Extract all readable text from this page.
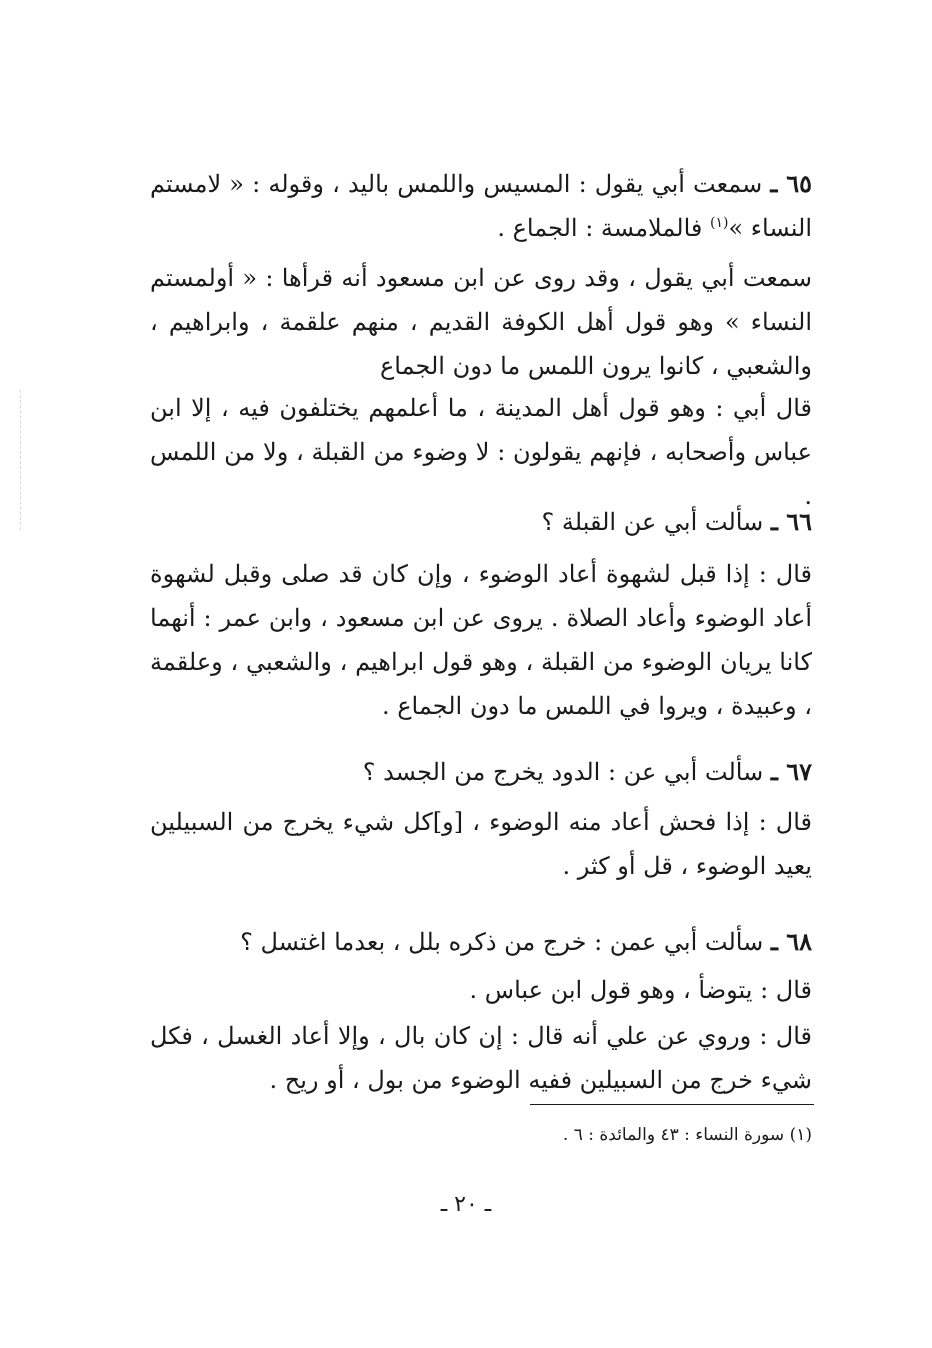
٦٥ ـ سمعت أبي يقول : المسيس واللمس باليد ، وقوله : « لامستم النساء »$^{(١)}$ فالملامسة : الجماع .

سمعت أبي يقول ، وقد روى عن ابن مسعود أنه قرأها : « أولمستم النساء » وهو قول أهل الكوفة القديم ، منهم علقمة ، وابراهيم ، والشعبي ، كانوا يرون اللمس ما دون الجماع

قال أبي : وهو قول أهل المدينة ، ما أعلمهم يختلفون فيه ، إلا ابن عباس وأصحابه ، فإنهم يقولون : لا وضوء من القبلة ، ولا من اللمس .

٦٦ ـ سألت أبي عن القبلة ؟

قال : إذا قبل لشهوة أعاد الوضوء ، وإن كان قد صلى وقبل لشهوة أعاد الوضوء وأعاد الصلاة . يروى عن ابن مسعود ، وابن عمر : أنهما كانا يريان الوضوء من القبلة ، وهو قول ابراهيم ، والشعبي ، وعلقمة ، وعبيدة ، ويروا في اللمس ما دون الجماع .

٦٧ ـ سألت أبي عن : الدود يخرج من الجسد ؟

قال : إذا فحش أعاد منه الوضوء ، [و]كل شيء يخرج من السبيلين يعيد الوضوء ، قل أو كثر .

٦٨ ـ سألت أبي عمن : خرج من ذكره بلل ، بعدما اغتسل ؟

قال : يتوضأ ، وهو قول ابن عباس .

قال : وروي عن علي أنه قال : إن كان بال ، وإلا أعاد الغسل ، فكل شيء خرج من السبيلين ففيه الوضوء من بول ، أو ريح .

(١) سورة النساء : ٤٣ والمائدة : ٦ .
ـ ٢٠ ـ
